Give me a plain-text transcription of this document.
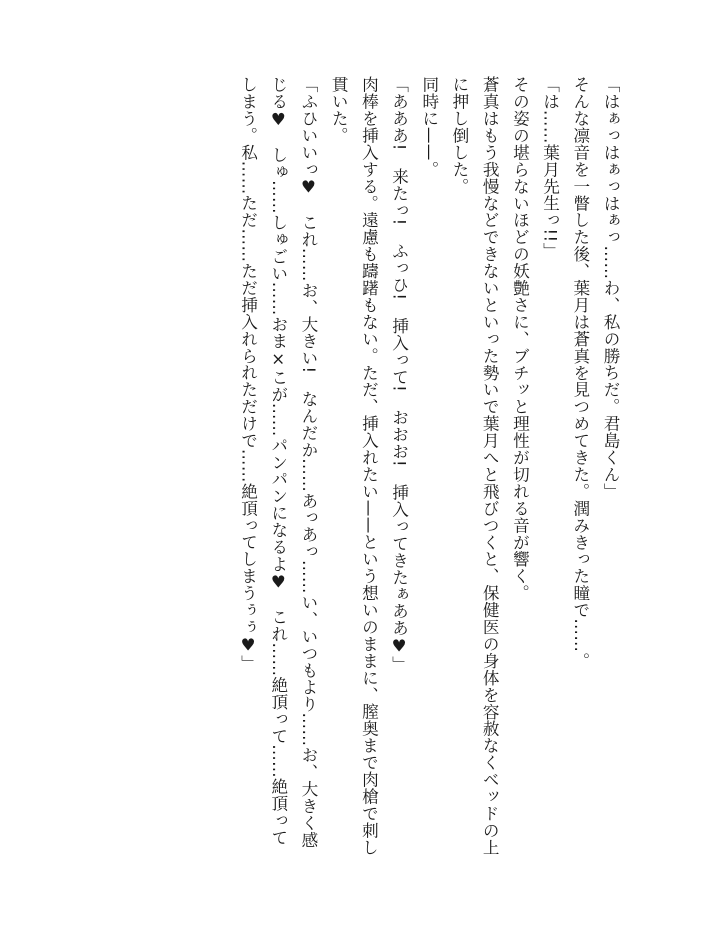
「はぁっはぁっはぁっ……わ、私の勝ちだ。君島くん」

そんな凛音を一瞥した後、葉月は蒼真を見つめてきた。潤みきった瞳で……。

「は……葉月先生っ!!」

その姿の堪らないほどの妖艶さに、ブチッと理性が切れる音が響く。

蒼真はもう我慢などできないといった勢いで葉月へと飛びつくと、保健医の身体を容赦なくベッドの上に押し倒した。

同時に——。

「あああ!　来たっ!　ふっひ!　挿入って!　おおお!　挿入ってきたぁああ♥」

肉棒を挿入する。遠慮も躊躇もない。ただ、挿入れたい——という想いのままに、膣奥まで肉槍で刺し貫いた。

「ふひいいっ♥　これ……お、大きい!　なんだか……あっあっ……い、いつもより……お、大きく感じる♥　しゅ……しゅごい……おま×こが……パンパンになるよ♥　これ……絶頂って……絶頂ってしまう。私……ただ……ただ挿入れられただけで……絶頂ってしまうぅぅ♥」
